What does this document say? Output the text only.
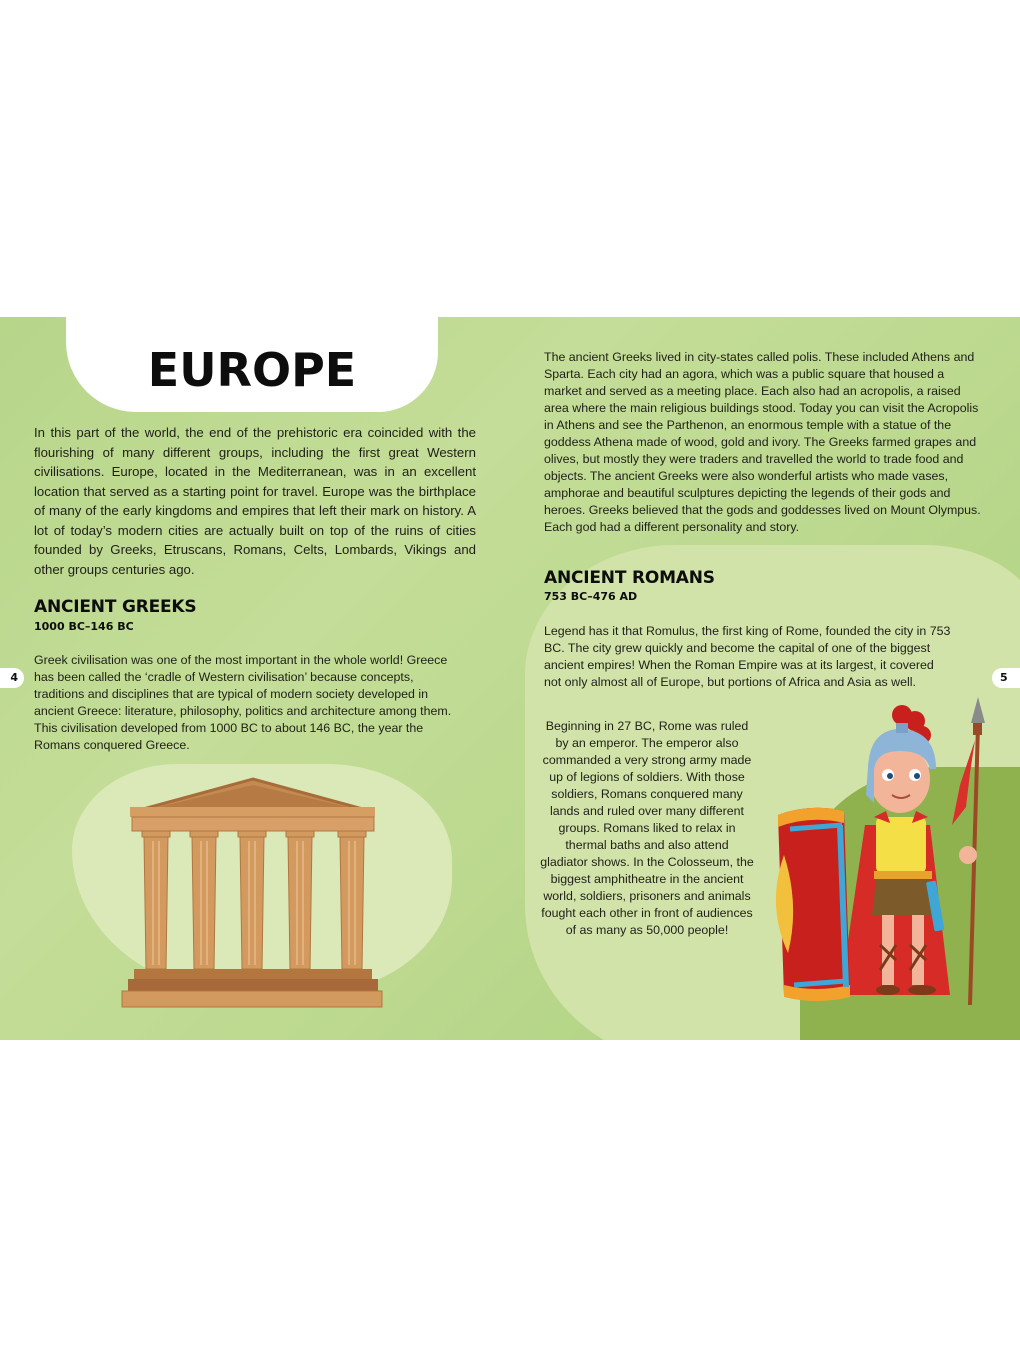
EUROPE

In this part of the world, the end of the prehistoric era coincided with the flourishing of many different groups, including the first great Western civilisations. Europe, located in the Mediterranean, was in an excellent location that served as a starting point for travel. Europe was the birthplace of many of the early kingdoms and empires that left their mark on history. A lot of today’s modern cities are actually built on top of the ruins of cities founded by Greeks, Etruscans, Romans, Celts, Lombards, Vikings and other groups centuries ago.

ANCIENT GREEKS
1000 BC–146 BC

Greek civilisation was one of the most important in the whole world! Greece has been called the ‘cradle of Western civilisation’ because concepts, traditions and disciplines that are typical of modern society developed in ancient Greece: literature, philosophy, politics and architecture among them. This civilisation developed from 1000 BC to about 146 BC, the year the Romans conquered Greece.

4

The ancient Greeks lived in city-states called polis. These included Athens and Sparta. Each city had an agora, which was a public square that housed a market and served as a meeting place. Each also had an acropolis, a raised area where the main religious buildings stood. Today you can visit the Acropolis in Athens and see the Parthenon, an enormous temple with a statue of the goddess Athena made of wood, gold and ivory. The Greeks farmed grapes and olives, but mostly they were traders and travelled the world to trade food and objects. The ancient Greeks were also wonderful artists who made vases, amphorae and beautiful sculptures depicting the legends of their gods and heroes. Greeks believed that the gods and goddesses lived on Mount Olympus. Each god had a different personality and story.

ANCIENT ROMANS
753 BC–476 AD

Legend has it that Romulus, the first king of Rome, founded the city in 753 BC. The city grew quickly and become the capital of one of the biggest ancient empires! When the Roman Empire was at its largest, it covered not only almost all of Europe, but portions of Africa and Asia as well.

Beginning in 27 BC, Rome was ruled by an emperor. The emperor also commanded a very strong army made up of legions of soldiers. With those soldiers, Romans conquered many lands and ruled over many different groups. Romans liked to relax in thermal baths and also attend gladiator shows. In the Colosseum, the biggest amphitheatre in the ancient world, soldiers, prisoners and animals fought each other in front of audiences of as many as 50,000 people!

5
